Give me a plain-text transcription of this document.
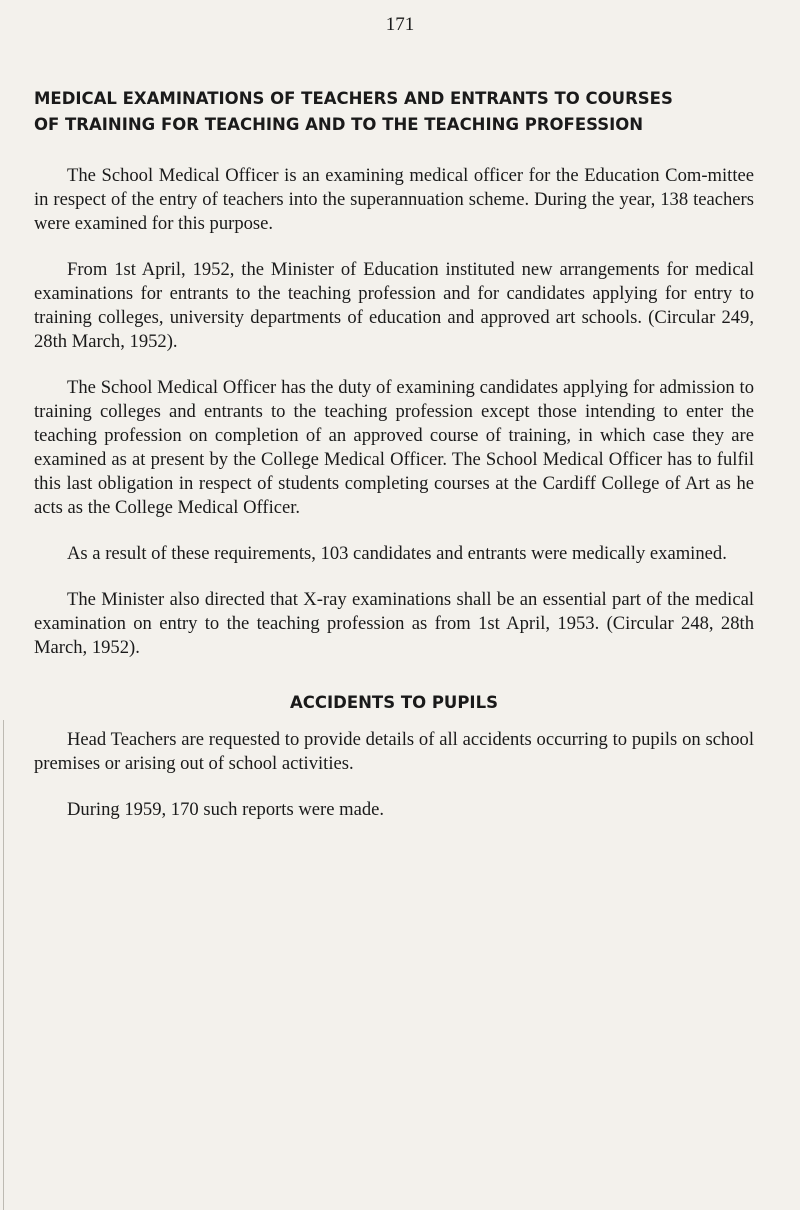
171
MEDICAL EXAMINATIONS OF TEACHERS AND ENTRANTS TO COURSES
OF TRAINING FOR TEACHING AND TO THE TEACHING PROFESSION

The School Medical Officer is an examining medical officer for the Education Com-mittee in respect of the entry of teachers into the superannuation scheme. During the year, 138 teachers were examined for this purpose.

From 1st April, 1952, the Minister of Education instituted new arrangements for medical examinations for entrants to the teaching profession and for candidates applying for entry to training colleges, university departments of education and approved art schools. (Circular 249, 28th March, 1952).

The School Medical Officer has the duty of examining candidates applying for admission to training colleges and entrants to the teaching profession except those intending to enter the teaching profession on completion of an approved course of training, in which case they are examined as at present by the College Medical Officer. The School Medical Officer has to fulfil this last obligation in respect of students completing courses at the Cardiff College of Art as he acts as the College Medical Officer.

As a result of these requirements, 103 candidates and entrants were medically examined.

The Minister also directed that X-ray examinations shall be an essential part of the medical examination on entry to the teaching profession as from 1st April, 1953. (Circular 248, 28th March, 1952).

ACCIDENTS TO PUPILS

Head Teachers are requested to provide details of all accidents occurring to pupils on school premises or arising out of school activities.

During 1959, 170 such reports were made.
